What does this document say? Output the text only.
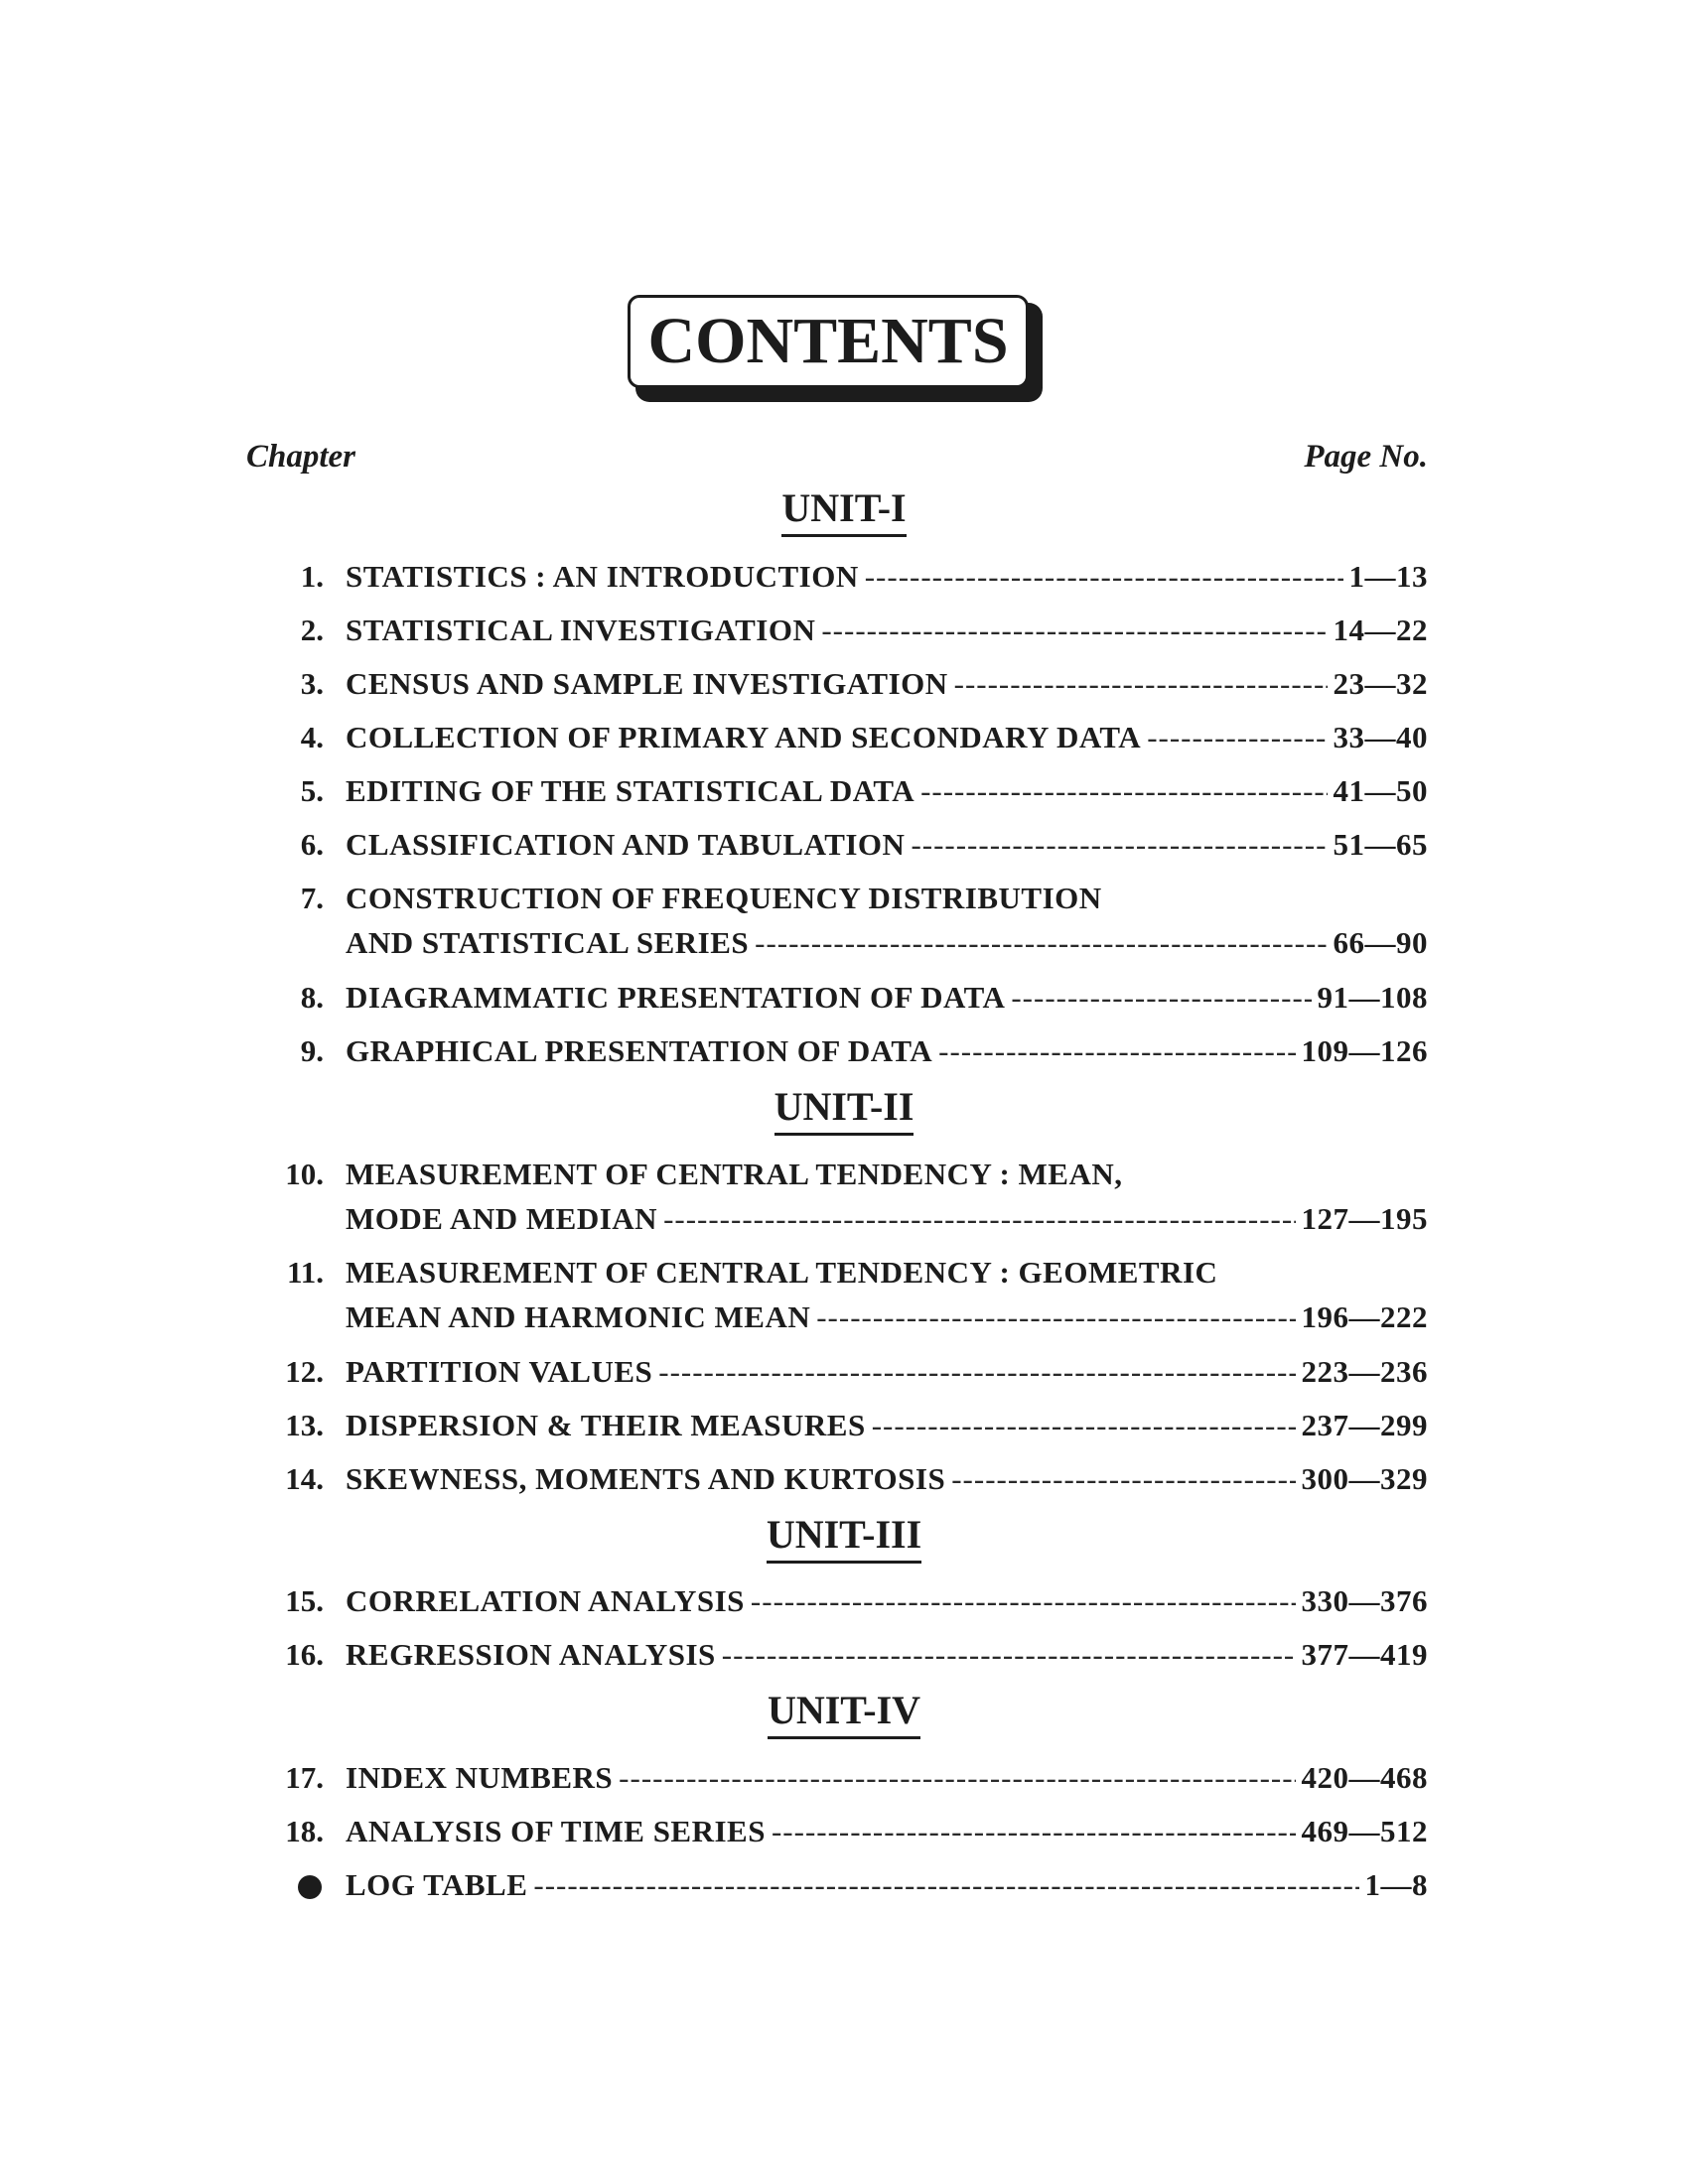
CONTENTS
Chapter	Page No.
UNIT-I
1. STATISTICS : AN INTRODUCTION -----	1—13
2. STATISTICAL INVESTIGATION -----	14—22
3. CENSUS AND SAMPLE INVESTIGATION -----	23—32
4. COLLECTION OF PRIMARY AND SECONDARY DATA -----	33—40
5. EDITING OF THE STATISTICAL DATA -----	41—50
6. CLASSIFICATION AND TABULATION -----	51—65
7. CONSTRUCTION OF FREQUENCY DISTRIBUTION
AND STATISTICAL SERIES -----	66—90
8. DIAGRAMMATIC PRESENTATION OF DATA -----	91—108
9. GRAPHICAL PRESENTATION OF DATA -----	109—126
UNIT-II
10. MEASUREMENT OF CENTRAL TENDENCY : MEAN,
MODE AND MEDIAN -----	127—195
11. MEASUREMENT OF CENTRAL TENDENCY : GEOMETRIC
MEAN AND HARMONIC MEAN -----	196—222
12. PARTITION VALUES -----	223—236
13. DISPERSION & THEIR MEASURES -----	237—299
14. SKEWNESS, MOMENTS AND KURTOSIS -----	300—329
UNIT-III
15. CORRELATION ANALYSIS -----	330—376
16. REGRESSION ANALYSIS -----	377—419
UNIT-IV
17. INDEX NUMBERS -----	420—468
18. ANALYSIS OF TIME SERIES -----	469—512
LOG TABLE -----	1—8
